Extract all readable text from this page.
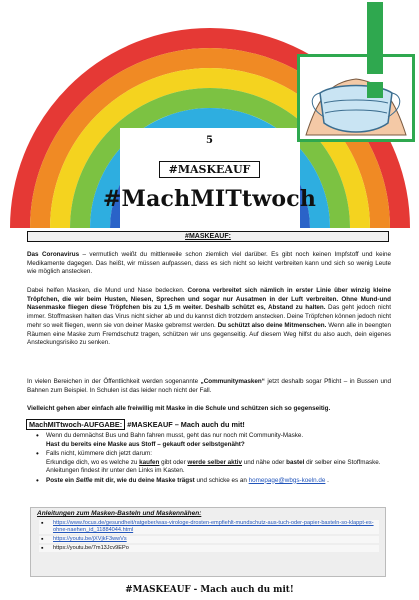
5
#MASKEAUF
#MachMITtwoch
#MASKEAUF:
Das Coronavirus – vermutlich weißt du mittlerweile schon ziemlich viel darüber. Es gibt noch keinen Impfstoff und keine Medikamente dagegen. Das heißt, wir müssen aufpassen, dass es sich nicht so leicht verbreiten kann und sich so wenig Leute wie möglich anstecken.
Dabei helfen Masken, die Mund und Nase bedecken. Corona verbreitet sich nämlich in erster Linie über winzig kleine Tröpfchen, die wir beim Husten, Niesen, Sprechen und sogar nur Ausatmen in der Luft verbreiten. Ohne Mund-und Nasenmaske fliegen diese Tröpfchen bis zu 1,5 m weiter. Deshalb schützt es, Abstand zu halten. Das geht jedoch nicht immer. Stoffmasken halten das Virus nicht sicher ab und du kannst dich trotzdem anstecken. Deine Tröpfchen können jedoch nicht mehr so weit fliegen, wenn sie von deiner Maske gebremst werden. Du schützt also deine Mitmenschen. Wenn alle in beengten Räumen eine Maske zum Fremdschutz tragen, schützen wir uns gegenseitig. Auf diesem Weg hilfst du also auch, dein eigenes Ansteckungsrisiko zu senken.
In vielen Bereichen in der Öffentlichkeit werden sogenannte „Communitymasken“ jetzt deshalb sogar Pflicht – in Bussen und Bahnen zum Beispiel. In Schulen ist das leider noch nicht der Fall.
Vielleicht gehen aber einfach alle freiwillig mit Maske in die Schule und schützen sich so gegenseitig.
MachMITtwoch-AUFGABE: #MASKEAUF – Mach auch du mit!
• Wenn du demnächst Bus und Bahn fahren musst, geht das nur noch mit Community-Maske.
Hast du bereits eine Maske aus Stoff – gekauft oder selbstgenäht?
• Falls nicht, kümmere dich jetzt darum:
Erkundige dich, wo es welche zu kaufen gibt oder werde selber aktiv und nähe oder bastel dir selber eine Stoffmaske. Anleitungen findest ihr unter den Links im Kasten.
• Poste ein Selfie mit dir, wie du deine Maske trägst und schicke es an homepage@wbgs-koeln.de .
Anleitungen zum Masken-Basteln und Maskennähen:
▪ https://www.focus.de/gesundheit/ratgeber/was-virologe-drosten-empfiehlt-mundschutz-aus-tuch-oder-papier-basteln-so-klappt-es-ohne-naehen_id_11884044.html
▪ https://youtu.be/jXVjkF3wwVs
▪ https://youtu.be/7m13Jcv9EPo
#MASKEAUF - Mach auch du mit!
